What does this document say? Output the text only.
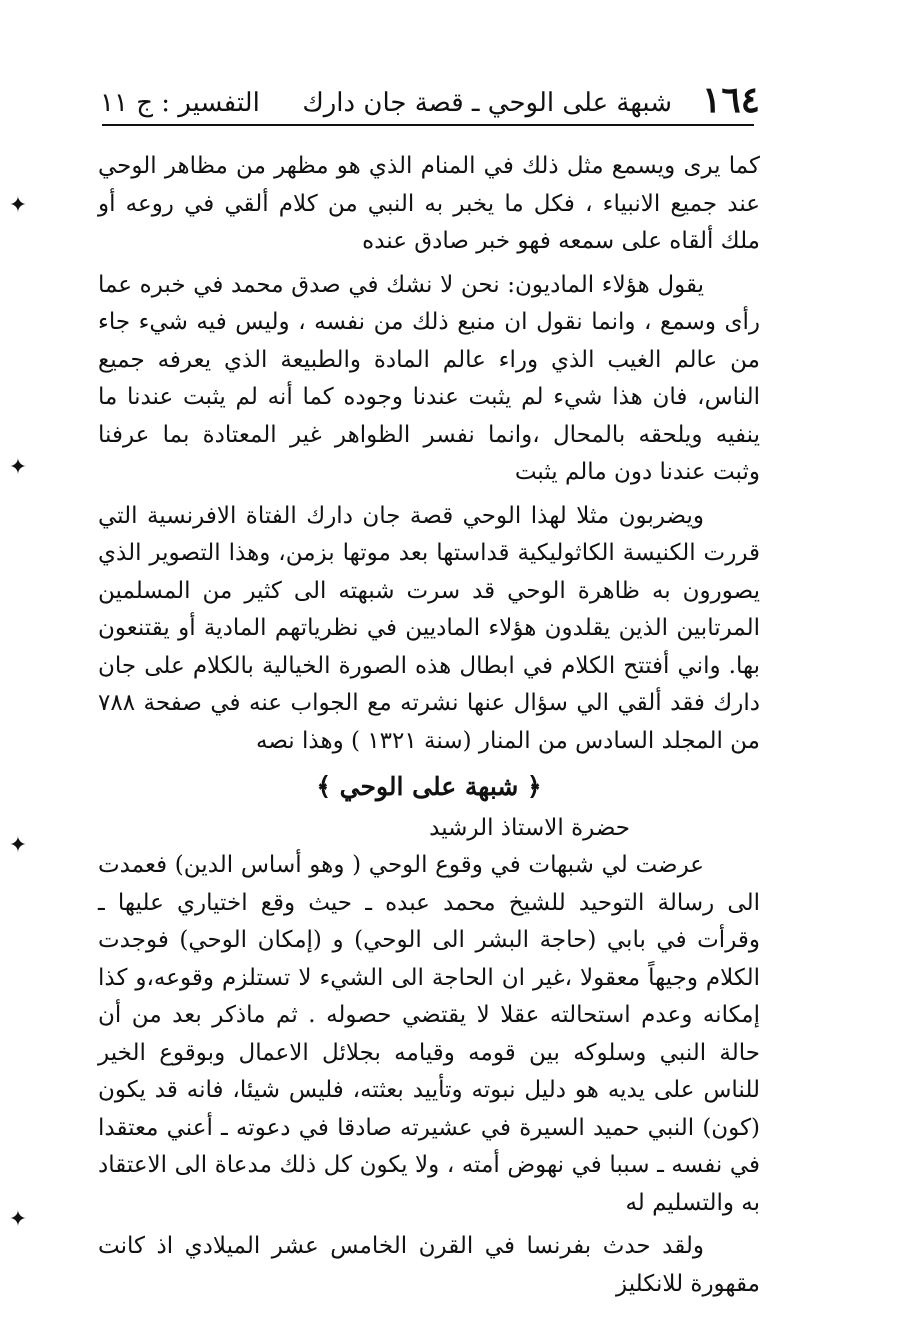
١٦٤
شبهة على الوحي ـ قصة جان دارك
التفسير : ج ١١

كما يرى ويسمع مثل ذلك في المنام الذي هو مظهر من مظاهر الوحي عند جميع الانبياء ، فكل ما يخبر به النبي من كلام ألقي في روعه أو ملك ألقاه على سمعه فهو خبر صادق عنده

يقول هؤلاء الماديون: نحن لا نشك في صدق محمد في خبره عما رأى وسمع ، وانما نقول ان منبع ذلك من نفسه ، وليس فيه شيء جاء من عالم الغيب الذي وراء عالم المادة والطبيعة الذي يعرفه جميع الناس، فان هذا شيء لم يثبت عندنا وجوده كما أنه لم يثبت عندنا ما ينفيه ويلحقه بالمحال ،وانما نفسر الظواهر غير المعتادة بما عرفنا وثبت عندنا دون مالم يثبت

ويضربون مثلا لهذا الوحي قصة جان دارك الفتاة الافرنسية التي قررت الكنيسة الكاثوليكية قداستها بعد موتها بزمن، وهذا التصوير الذي يصورون به ظاهرة الوحي قد سرت شبهته الى كثير من المسلمين المرتابين الذين يقلدون هؤلاء الماديين في نظرياتهم المادية أو يقتنعون بها. واني أفتتح الكلام في ابطال هذه الصورة الخيالية بالكلام على جان دارك فقد ألقي الي سؤال عنها نشرته مع الجواب عنه في صفحة ٧٨٨ من المجلد السادس من المنار (سنة ١٣٢١ ) وهذا نصه

﴿ شبهة على الوحي ﴾

حضرة الاستاذ الرشيد

عرضت لي شبهات في وقوع الوحي ( وهو أساس الدين) فعمدت الى رسالة التوحيد للشيخ محمد عبده ـ حيث وقع اختياري عليها ـ وقرأت في بابي (حاجة البشر الى الوحي) و (إمكان الوحي) فوجدت الكلام وجيهاً معقولا ،غير ان الحاجة الى الشيء لا تستلزم وقوعه،و كذا إمكانه وعدم استحالته عقلا لا يقتضي حصوله . ثم ماذكر بعد من أن حالة النبي وسلوكه بين قومه وقيامه بجلائل الاعمال وبوقوع الخير للناس على يديه هو دليل نبوته وتأييد بعثته، فليس شيئا، فانه قد يكون (كون) النبي حميد السيرة في عشيرته صادقا في دعوته ـ أعني معتقدا في نفسه ـ سببا في نهوض أمته ، ولا يكون كل ذلك مدعاة الى الاعتقاد به والتسليم له

ولقد حدث بفرنسا في القرن الخامس عشر الميلادي اذ كانت مقهورة للانكليز

✦
✦
✦
✦
